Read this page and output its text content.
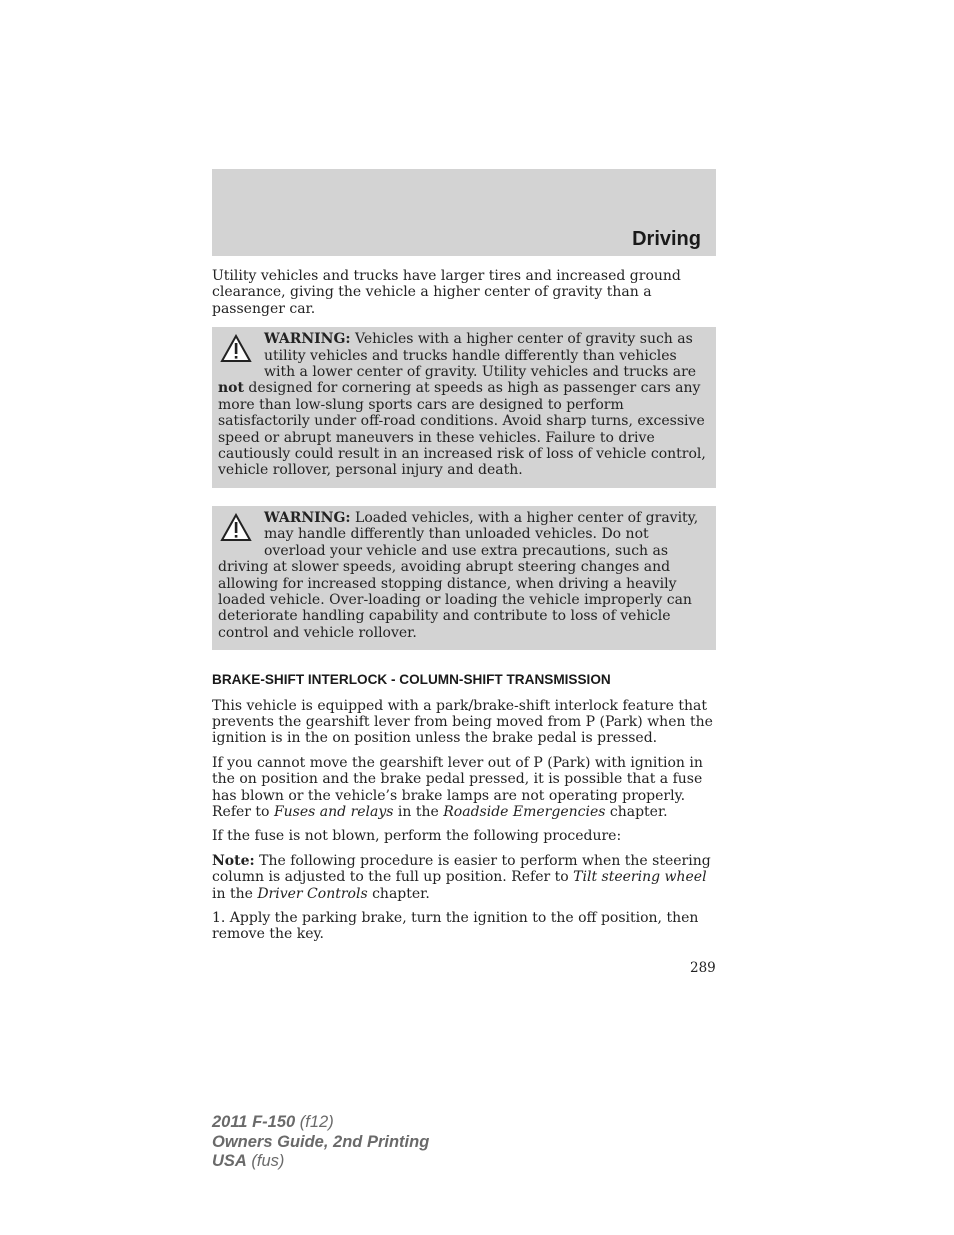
Driving

Utility vehicles and trucks have larger tires and increased ground clearance, giving the vehicle a higher center of gravity than a passenger car.

WARNING: Vehicles with a higher center of gravity such as utility vehicles and trucks handle differently than vehicles with a lower center of gravity. Utility vehicles and trucks are not designed for cornering at speeds as high as passenger cars any more than low-slung sports cars are designed to perform satisfactorily under off-road conditions. Avoid sharp turns, excessive speed or abrupt maneuvers in these vehicles. Failure to drive cautiously could result in an increased risk of loss of vehicle control, vehicle rollover, personal injury and death.
WARNING: Loaded vehicles, with a higher center of gravity, may handle differently than unloaded vehicles. Do not overload your vehicle and use extra precautions, such as driving at slower speeds, avoiding abrupt steering changes and allowing for increased stopping distance, when driving a heavily loaded vehicle. Over-loading or loading the vehicle improperly can deteriorate handling capability and contribute to loss of vehicle control and vehicle rollover.
BRAKE-SHIFT INTERLOCK - COLUMN-SHIFT TRANSMISSION

This vehicle is equipped with a park/brake-shift interlock feature that prevents the gearshift lever from being moved from P (Park) when the ignition is in the on position unless the brake pedal is pressed.

If you cannot move the gearshift lever out of P (Park) with ignition in the on position and the brake pedal pressed, it is possible that a fuse has blown or the vehicle’s brake lamps are not operating properly. Refer to Fuses and relays in the Roadside Emergencies chapter.

If the fuse is not blown, perform the following procedure:

Note: The following procedure is easier to perform when the steering column is adjusted to the full up position. Refer to Tilt steering wheel in the Driver Controls chapter.

1. Apply the parking brake, turn the ignition to the off position, then remove the key.

289
2011 F-150 (f12)
Owners Guide, 2nd Printing
USA (fus)
